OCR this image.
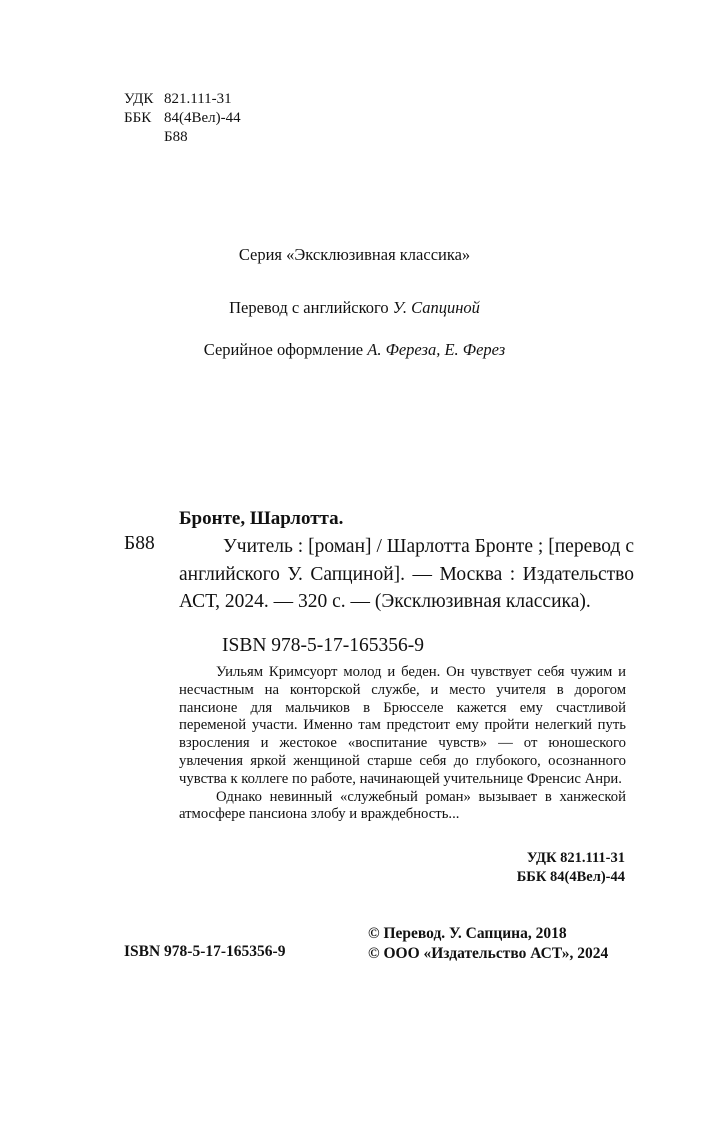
УДК 821.111-31
ББК 84(4Вел)-44
Б88
Серия «Эксклюзивная классика»
Перевод с английского У. Сапциной
Серийное оформление А. Фереза, Е. Ферез
Бронте, Шарлотта.
Б88	Учитель : [роман] / Шарлотта Бронте ; [перевод с английского У. Сапциной]. — Москва : Издательство АСТ, 2024. — 320 с. — (Эксклюзивная классика).
ISBN 978-5-17-165356-9

Уильям Кримсуорт молод и беден. Он чувствует себя чужим и несчастным на конторской службе, и место учителя в дорогом пансионе для мальчиков в Брюсселе кажется ему счастливой переменой участи. Именно там предстоит ему пройти нелегкий путь взросления и жестокое «воспитание чувств» — от юношеского увлечения яркой женщиной старше себя до глубокого, осознанного чувства к коллеге по работе, начинающей учительнице Френсис Анри.

Однако невинный «служебный роман» вызывает в ханжеской атмосфере пансиона злобу и враждебность...

УДК 821.111-31
ББК 84(4Вел)-44
ISBN 978-5-17-165356-9
© Перевод. У. Сапцина, 2018
© ООО «Издательство АСТ», 2024
